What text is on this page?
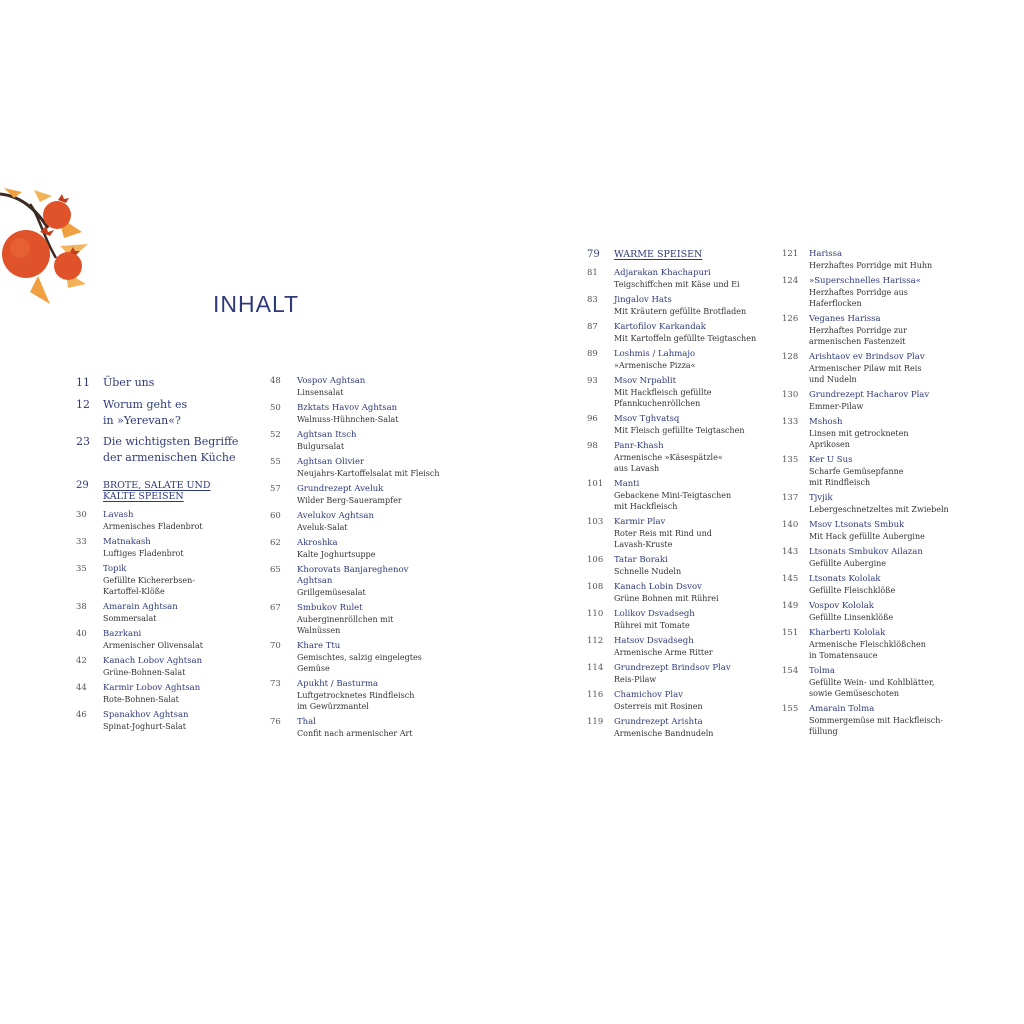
INHALT
11	Über uns
12	Worum geht es
in »Yerevan«?
23	Die wichtigsten Begriffe
der armenischen Küche
29	BROTE, SALATE UND
KALTE SPEISEN
30	Lavash
Armenisches Fladenbrot
33	Matnakash
Luftiges Fladenbrot
35	Topik
Gefüllte Kichererbsen-
Kartoffel-Klöße
38	Amarain Aghtsan
Sommersalat
40	Bazrkani
Armenischer Olivensalat
42	Kanach Lobov Aghtsan
Grüne-Bohnen-Salat
44	Karmir Lobov Aghtsan
Rote-Bohnen-Salat
46	Spanakhov Aghtsan
Spinat-Joghurt-Salat
48	Vospov Aghtsan
Linsensalat
50	Bzktats Havov Aghtsan
Walnuss-Hühnchen-Salat
52	Aghtsan Itsch
Bulgursalat
55	Aghtsan Olivier
Neujahrs-Kartoffelsalat mit Fleisch
57	Grundrezept Aveluk
Wilder Berg-Sauerampfer
60	Avelukov Aghtsan
Aveluk-Salat
62	Akroshka
Kalte Joghurtsuppe
65	Khorovats Banjareghenov
Aghtsan
Grillgemüsesalat
67	Smbukov Rulet
Auberginenröllchen mit
Walnüssen
70	Khare Ttu
Gemischtes, salzig eingelegtes
Gemüse
73	Apukht / Basturma
Luftgetrocknetes Rindfleisch
im Gewürzmantel
76	Thal
Confit nach armenischer Art
79	WARME SPEISEN
81	Adjarakan Khachapuri
Teigschiffchen mit Käse und Ei
83	Jingalov Hats
Mit Kräutern gefüllte Brotfladen
87	Kartofilov Karkandak
Mit Kartoffeln gefüllte Teigtaschen
89	Loshmis / Lahmajo
»Armenische Pizza«
93	Msov Nrpablit
Mit Hackfleisch gefüllte
Pfannkuchenröllchen
96	Msov Tghvatsq
Mit Fleisch gefüllte Teigtaschen
98	Panr-Khash
Armenische »Käsespätzle«
aus Lavash
101	Manti
Gebackene Mini-Teigtaschen
mit Hackfleisch
103	Karmir Plav
Roter Reis mit Rind und
Lavash-Kruste
106	Tatar Boraki
Schnelle Nudeln
108	Kanach Lobin Dsvov
Grüne Bohnen mit Rührei
110	Lolikov Dsvadsegh
Rührei mit Tomate
112	Hatsov Dsvadsegh
Armenische Arme Ritter
114	Grundrezept Brindsov Plav
Reis-Pilaw
116	Chamichov Plav
Osterreis mit Rosinen
119	Grundrezept Arishta
Armenische Bandnudeln
121	Harissa
Herzhaftes Porridge mit Huhn
124	»Superschnelles Harissa«
Herzhaftes Porridge aus
Haferflocken
126	Veganes Harissa
Herzhaftes Porridge zur
armenischen Fastenzeit
128	Arishtaov ev Brindsov Plav
Armenischer Pilaw mit Reis
und Nudeln
130	Grundrezept Hacharov Plav
Emmer-Pilaw
133	Mshosh
Linsen mit getrockneten
Aprikosen
135	Ker U Sus
Scharfe Gemüsepfanne
mit Rindfleisch
137	Tjvjik
Lebergeschnetzeltes mit Zwiebeln
140	Msov Ltsonats Smbuk
Mit Hack gefüllte Aubergine
143	Ltsonats Smbukov Ailazan
Gefüllte Aubergine
145	Ltsonats Kololak
Gefüllte Fleischklöße
149	Vospov Kololak
Gefüllte Linsenklöße
151	Kharberti Kololak
Armenische Fleischklößchen
in Tomatensauce
154	Tolma
Gefüllte Wein- und Kohlblätter,
sowie Gemüseschoten
155	Amarain Tolma
Sommergemüse mit Hackfleisch-
füllung
